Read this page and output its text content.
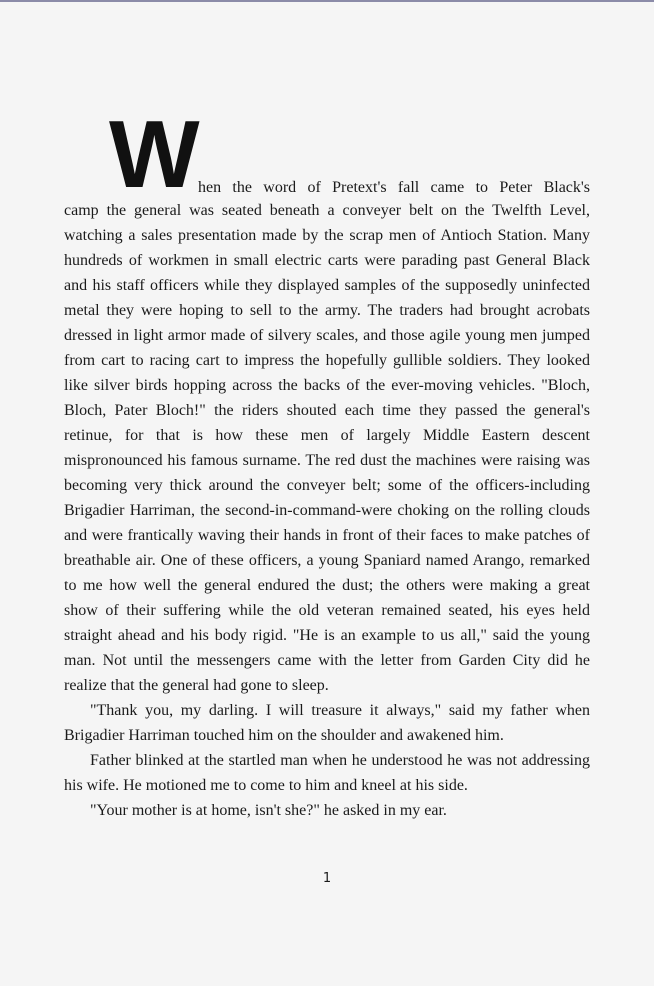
W hen the word of Pretext's fall came to Peter Black's

camp the general was seated beneath a conveyer belt on the Twelfth Level, watching a sales presentation made by the scrap men of Antioch Station. Many hundreds of workmen in small electric carts were parading past General Black and his staff officers while they displayed samples of the supposedly uninfected metal they were hoping to sell to the army. The traders had brought acrobats dressed in light armor made of silvery scales, and those agile young men jumped from cart to racing cart to impress the hopefully gullible soldiers. They looked like silver birds hopping across the backs of the ever-moving vehicles. "Bloch, Bloch, Pater Bloch!" the riders shouted each time they passed the general's retinue, for that is how these men of largely Middle Eastern descent mispronounced his famous surname. The red dust the machines were raising was becoming very thick around the conveyer belt; some of the officers-including Brigadier Harriman, the second-in-command-were choking on the rolling clouds and were frantically waving their hands in front of their faces to make patches of breathable air. One of these officers, a young Spaniard named Arango, remarked to me how well the general endured the dust; the others were making a great show of their suffering while the old veteran remained seated, his eyes held straight ahead and his body rigid. "He is an example to us all," said the young man. Not until the messengers came with the letter from Garden City did he realize that the general had gone to sleep.

"Thank you, my darling. I will treasure it always," said my father when Brigadier Harriman touched him on the shoulder and awakened him.

Father blinked at the startled man when he understood he was not addressing his wife. He motioned me to come to him and kneel at his side.

"Your mother is at home, isn't she?" he asked in my ear.

1
